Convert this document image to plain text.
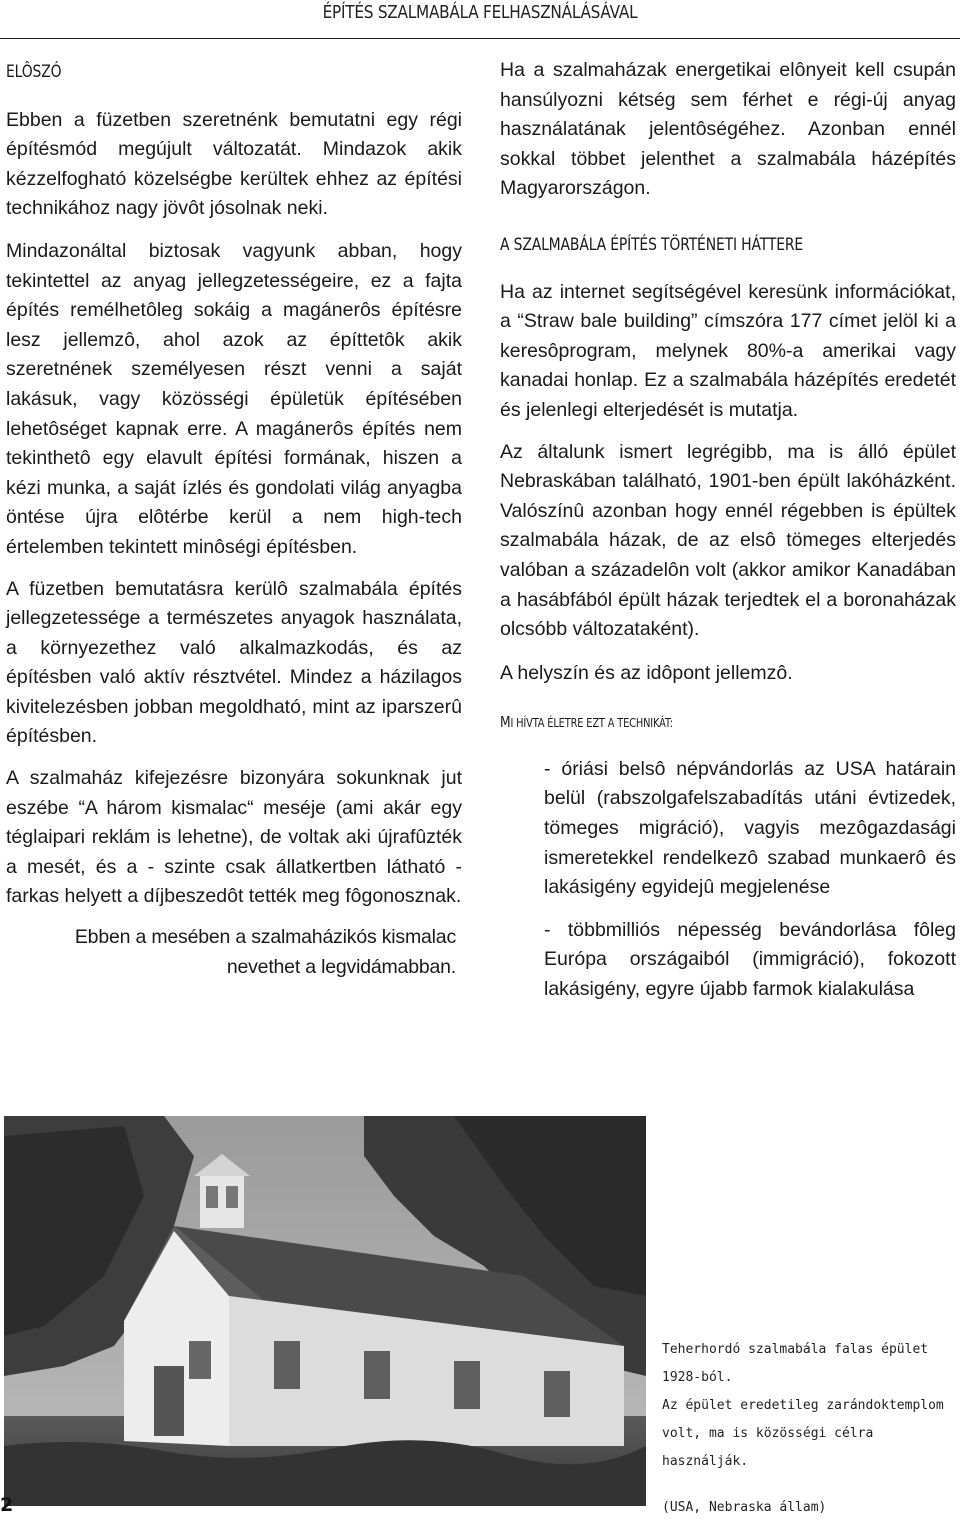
ÉPÍTÉS SZALMABÁLA FELHASZNÁLÁSÁVAL
ELÔSZÓ

Ebben a füzetben szeretnénk bemutatni egy régi építésmód megújult változatát. Mindazok akik kézzelfogható közelségbe kerültek ehhez az építési technikához nagy jövôt jósolnak neki.

Mindazonáltal biztosak vagyunk abban, hogy tekintettel az anyag jellegzetességeire, ez a fajta építés remélhetôleg sokáig a magánerôs építésre lesz jellemzô, ahol azok az építtetôk akik szeretnének személyesen részt venni a saját lakásuk, vagy közösségi épületük építésében lehetôséget kapnak erre. A magánerôs építés nem tekinthetô egy elavult építési formának, hiszen a kézi munka, a saját ízlés és gondolati világ anyagba öntése újra elôtérbe kerül a nem high-tech értelemben tekintett minôségi építésben.

A füzetben bemutatásra kerülô szalmabála építés jellegzetessége a természetes anyagok használata, a környezethez való alkalmazkodás, és az építésben való aktív résztvétel. Mindez a házilagos kivitelezésben jobban megoldható, mint az iparszerû építésben.

A szalmaház kifejezésre bizonyára sokunknak jut eszébe “A három kismalac“ meséje (ami akár egy téglaipari reklám is lehetne), de voltak aki újrafûzték a mesét, és a - szinte csak állatkertben látható - farkas helyett a díjbeszedôt tették meg fôgonosznak.

Ebben a mesében a szalmaházikós kismalac nevethet a legvidámabban.

Ha a szalmaházak energetikai elônyeit kell csupán hansúlyozni kétség sem férhet e régi-új anyag használatának jelentôségéhez. Azonban ennél sokkal többet jelenthet a szalmabála házépítés Magyarországon.

A SZALMABÁLA ÉPÍTÉS TÖRTÉNETI HÁTTERE

Ha az internet segítségével keresünk információkat, a “Straw bale building” címszóra 177 címet jelöl ki a keresôprogram, melynek 80%-a amerikai vagy kanadai honlap. Ez a szalmabála házépítés eredetét és jelenlegi elterjedését is mutatja.

Az általunk ismert legrégibb, ma is álló épület Nebraskában található, 1901-ben épült lakóházként. Valószínû azonban hogy ennél régebben is épültek szalmabála házak, de az elsô tömeges elterjedés valóban a századelôn volt (akkor amikor Kanadában a hasábfából épült házak terjedtek el a boronaházak olcsóbb változataként).

A helyszín és az idôpont jellemzô.

MI HÍVTA ÉLETRE EZT A TECHNIKÁT:
- óriási belsô népvándorlás az USA határain belül (rabszolgafelszabadítás utáni évtizedek, tömeges migráció), vagyis mezôgazdasági ismeretekkel rendelkezô szabad munkaerô és lakásigény egyidejû megjelenése
- többmilliós népesség bevándorlása fôleg Európa országaiból (immigráció), fokozott lakásigény, egyre újabb farmok kialakulása
Teherhordó szalmabála falas épület 1928-ból.
Az épület eredetileg zarándoktemplom volt, ma is közösségi célra használják.
(USA, Nebraska állam)
2
